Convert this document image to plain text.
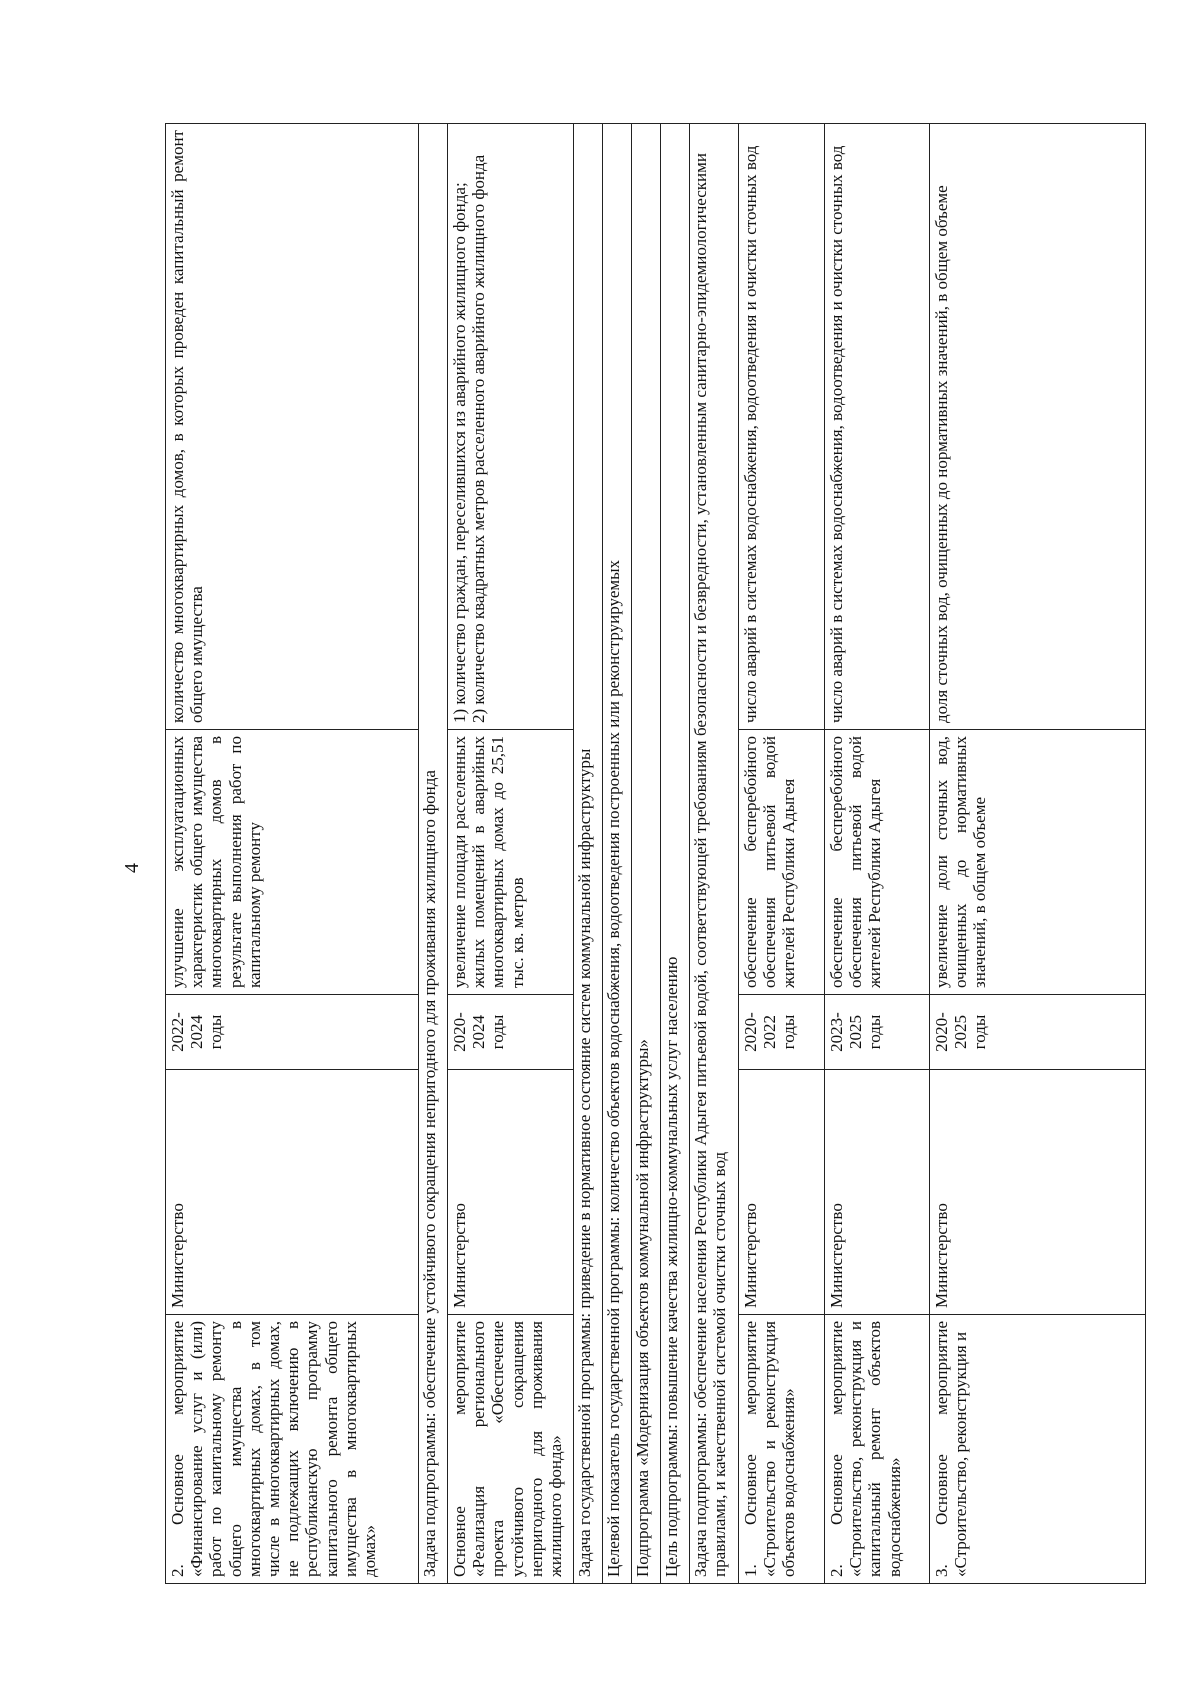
4
2. Основное мероприятие «Финансирование услуг и (или) работ по капитальному ремонту общего имущества в многоквартирных домах, в том числе в многоквартирных домах, не подлежащих включению в республиканскую программу капитального ремонта общего имущества в многоквартирных домах»	Министерство	2022-2024 годы	улучшение эксплуатационных характеристик общего имущества многоквартирных домов в результате выполнения работ по капитальному ремонту	количество многоквартирных домов, в которых проведен капитальный ремонт общего имущества
Задача подпрограммы: обеспечение устойчивого сокращения непригодного для проживания жилищного фонда				
Основное мероприятие «Реализация регионального проекта «Обеспечение устойчивого сокращения непригодного для проживания жилищного фонда»	Министерство	2020-2024 годы	увеличение площади расселенных жилых помещений в аварийных многоквартирных домах до 25,51 тыс. кв. метров	1) количество граждан, переселившихся из аварийного жилищного фонда; 2) количество квадратных метров расселенного аварийного жилищного фонда

Задача государственной программы: приведение в нормативное состояние систем коммунальной инфраструктуры				
Целевой показатель государственной программы: количество объектов водоснабжения, водоотведения построенных или реконструируемых				
Подпрограмма «Модернизация объектов коммунальной инфраструктуры»				
Цель подпрограммы: повышение качества жилищно-коммунальных услуг населению				
Задача подпрограммы: обеспечение населения Республики Адыгея питьевой водой, соответствующей требованиям безопасности и безвредности, установленным санитарно-эпидемиологическими правилами, и качественной системой очистки сточных вод				
1. Основное мероприятие «Строительство и реконструкция объектов водоснабжения»	Министерство	2020-2022 годы	обеспечение бесперебойного обеспечения питьевой водой жителей Республики Адыгея	число аварий в системах водоснабжения, водоотведения и очистки сточных вод
2. Основное мероприятие «Строительство, реконструкция и капитальный ремонт объектов водоснабжения»	Министерство	2023-2025 годы	обеспечение бесперебойного обеспечения питьевой водой жителей Республики Адыгея	число аварий в системах водоснабжения, водоотведения и очистки сточных вод
3. Основное мероприятие «Строительство, реконструкция и	Министерство	2020-2025 годы	увеличение доли сточных вод, очищенных до нормативных значений, в общем объеме	доля сточных вод, очищенных до нормативных значений, в общем объеме
